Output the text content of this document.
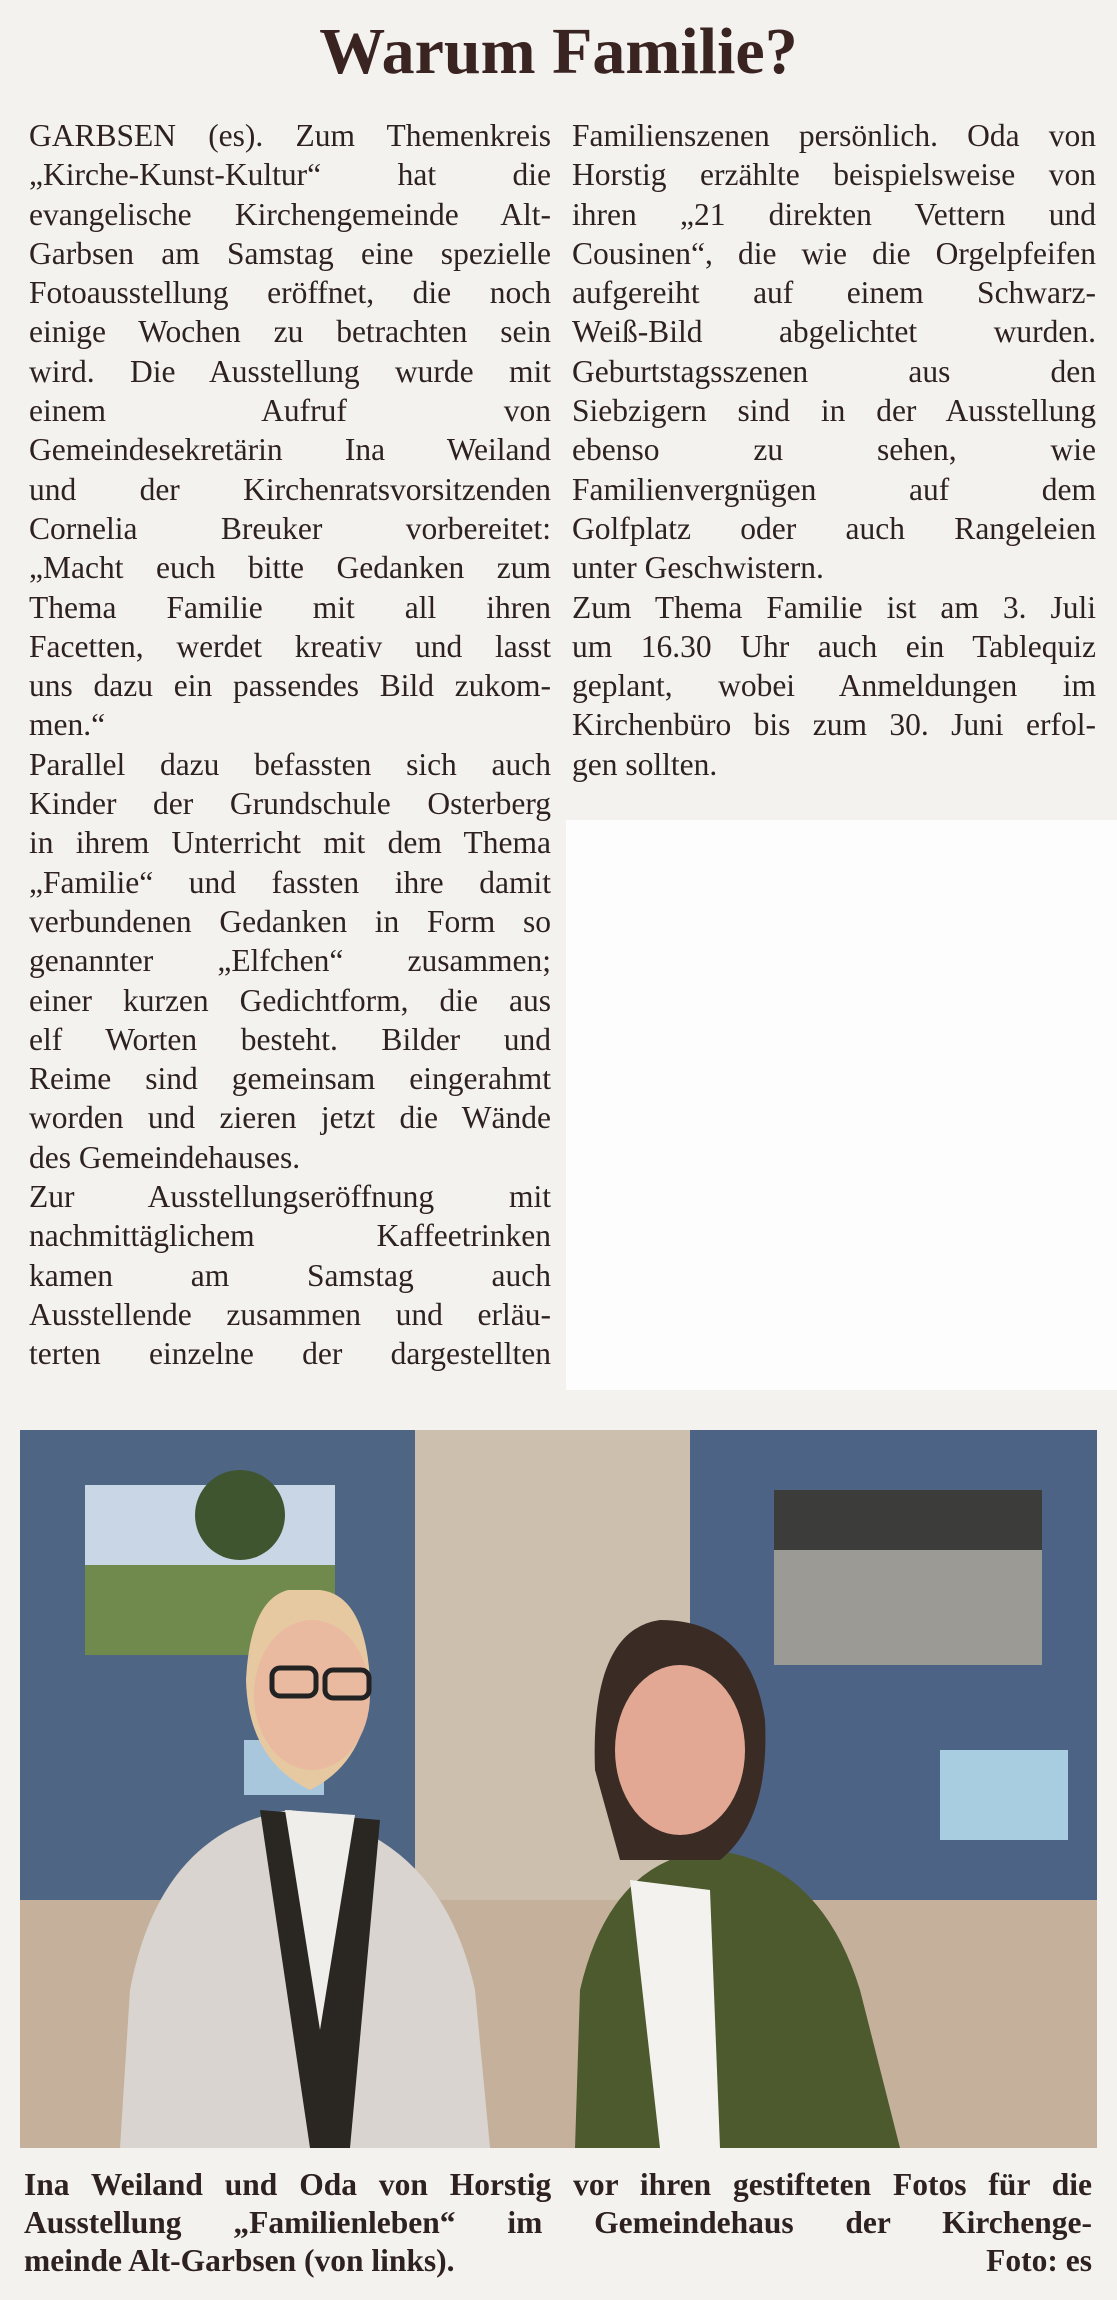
Warum Familie?
GARBSEN (es). Zum Themenkreis
„Kirche-Kunst-Kultur“ hat die
evangelische Kirchengemeinde Alt-
Garbsen am Samstag eine spezielle
Fotoausstellung eröffnet, die noch
einige Wochen zu betrachten sein
wird. Die Ausstellung wurde mit
einem Aufruf von
Gemeindesekretärin Ina Weiland
und der Kirchenratsvorsitzenden
Cornelia Breuker vorbereitet:
„Macht euch bitte Gedanken zum
Thema Familie mit all ihren
Facetten, werdet kreativ und lasst
uns dazu ein passendes Bild zukom-
men.“
Parallel dazu befassten sich auch
Kinder der Grundschule Osterberg
in ihrem Unterricht mit dem Thema
„Familie“ und fassten ihre damit
verbundenen Gedanken in Form so
genannter „Elfchen“ zusammen;
einer kurzen Gedichtform, die aus
elf Worten besteht. Bilder und
Reime sind gemeinsam eingerahmt
worden und zieren jetzt die Wände
des Gemeindehauses.
Zur Ausstellungseröffnung mit
nachmittäglichem Kaffeetrinken
kamen am Samstag auch
Ausstellende zusammen und erläu-
terten einzelne der dargestellten
Familienszenen persönlich. Oda von
Horstig erzählte beispielsweise von
ihren „21 direkten Vettern und
Cousinen“, die wie die Orgelpfeifen
aufgereiht auf einem Schwarz-
Weiß-Bild abgelichtet wurden.
Geburtstagsszenen aus den
Siebzigern sind in der Ausstellung
ebenso zu sehen, wie
Familienvergnügen auf dem
Golfplatz oder auch Rangeleien
unter Geschwistern.
Zum Thema Familie ist am 3. Juli
um 16.30 Uhr auch ein Tablequiz
geplant, wobei Anmeldungen im
Kirchenbüro bis zum 30. Juni erfol-
gen sollten.
Ina Weiland und Oda von Horstig vor ihren gestifteten Fotos für die
Ausstellung „Familienleben“ im Gemeindehaus der Kirchenge-
meinde Alt-Garbsen (von links).	Foto: es
